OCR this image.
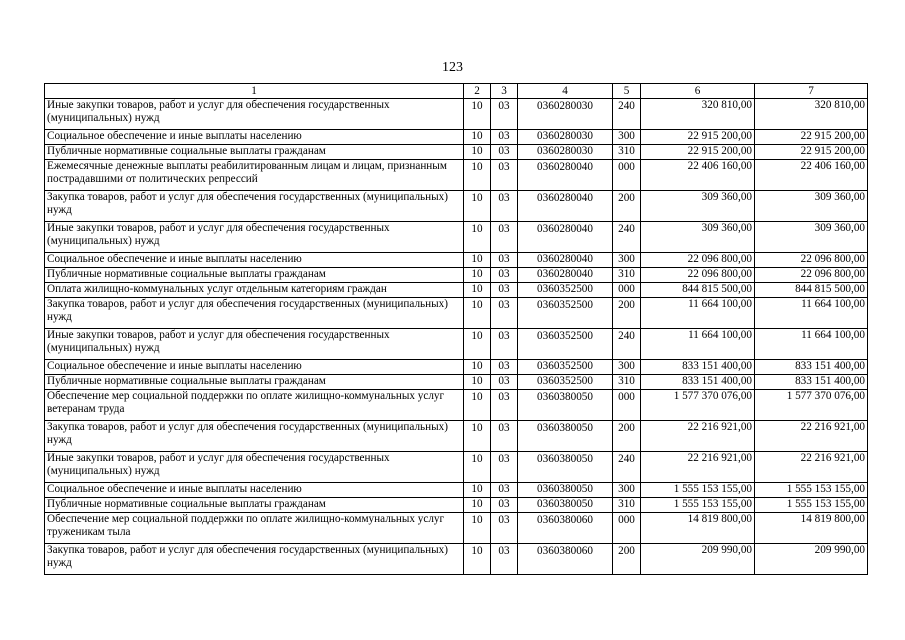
123
1	2	3	4	5	6	7
Иные закупки товаров, работ и услуг для обеспечения государственных (муниципальных) нужд	10	03	0360280030	240	320 810,00	320 810,00
Социальное обеспечение и иные выплаты населению	10	03	0360280030	300	22 915 200,00	22 915 200,00
Публичные нормативные социальные выплаты гражданам	10	03	0360280030	310	22 915 200,00	22 915 200,00
Ежемесячные денежные выплаты реабилитированным лицам и лицам, признанным пострадавшими от политических репрессий	10	03	0360280040	000	22 406 160,00	22 406 160,00
Закупка товаров, работ и услуг для обеспечения государственных (муниципальных) нужд	10	03	0360280040	200	309 360,00	309 360,00
Иные закупки товаров, работ и услуг для обеспечения государственных (муниципальных) нужд	10	03	0360280040	240	309 360,00	309 360,00
Социальное обеспечение и иные выплаты населению	10	03	0360280040	300	22 096 800,00	22 096 800,00
Публичные нормативные социальные выплаты гражданам	10	03	0360280040	310	22 096 800,00	22 096 800,00
Оплата жилищно-коммунальных услуг отдельным категориям граждан	10	03	0360352500	000	844 815 500,00	844 815 500,00
Закупка товаров, работ и услуг для обеспечения государственных (муниципальных) нужд	10	03	0360352500	200	11 664 100,00	11 664 100,00
Иные закупки товаров, работ и услуг для обеспечения государственных (муниципальных) нужд	10	03	0360352500	240	11 664 100,00	11 664 100,00
Социальное обеспечение и иные выплаты населению	10	03	0360352500	300	833 151 400,00	833 151 400,00
Публичные нормативные социальные выплаты гражданам	10	03	0360352500	310	833 151 400,00	833 151 400,00
Обеспечение мер социальной поддержки по оплате жилищно-коммунальных услуг ветеранам труда	10	03	0360380050	000	1 577 370 076,00	1 577 370 076,00
Закупка товаров, работ и услуг для обеспечения государственных (муниципальных) нужд	10	03	0360380050	200	22 216 921,00	22 216 921,00
Иные закупки товаров, работ и услуг для обеспечения государственных (муниципальных) нужд	10	03	0360380050	240	22 216 921,00	22 216 921,00
Социальное обеспечение и иные выплаты населению	10	03	0360380050	300	1 555 153 155,00	1 555 153 155,00
Публичные нормативные социальные выплаты гражданам	10	03	0360380050	310	1 555 153 155,00	1 555 153 155,00
Обеспечение мер социальной поддержки по оплате жилищно-коммунальных услуг труженикам тыла	10	03	0360380060	000	14 819 800,00	14 819 800,00
Закупка товаров, работ и услуг для обеспечения государственных (муниципальных) нужд	10	03	0360380060	200	209 990,00	209 990,00
